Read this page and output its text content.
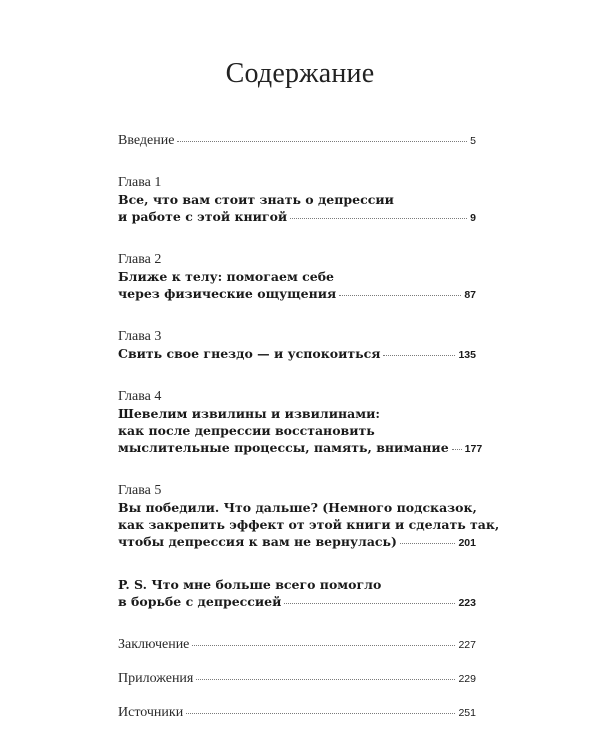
Содержание
Введение	5
Глава 1
Все, что вам стоит знать о депрессии
и работе с этой книгой	9
Глава 2
Ближе к телу: помогаем себе
через физические ощущения	87
Глава 3
Свить свое гнездо — и успокоиться	135
Глава 4
Шевелим извилины и извилинами:
как после депрессии восстановить
мыслительные процессы, память, внимание 177
Глава 5
Вы победили. Что дальше? (Немного подсказок,
как закрепить эффект от этой книги и сделать так,
чтобы депрессия к вам не вернулась)	201
P. S. Что мне больше всего помогло
в борьбе с депрессией	223
Заключение	227
Приложения	229
Источники	251
